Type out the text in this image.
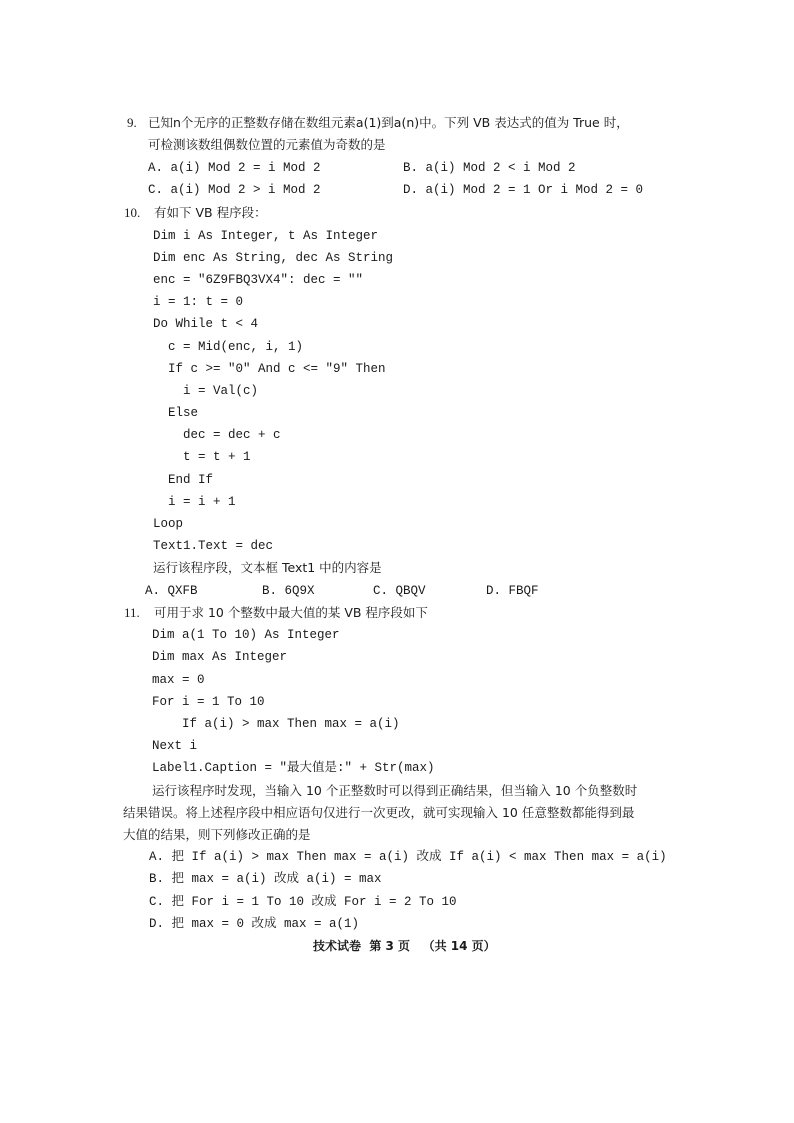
9. 已知n个无序的正整数存储在数组元素a(1)到a(n)中。下列 VB 表达式的值为 True 时，
可检测该数组偶数位置的元素值为奇数的是
A. a(i) Mod 2 = i Mod 2	B. a(i) Mod 2 < i Mod 2
C. a(i) Mod 2 > i Mod 2	D. a(i) Mod 2 = 1 Or i Mod 2 = 0
10. 有如下 VB 程序段：
Dim i As Integer, t As Integer
Dim enc As String, dec As String
enc = "6Z9FBQ3VX4": dec = ""
i = 1: t = 0
Do While t < 4
c = Mid(enc, i, 1)
If c >= "0" And c <= "9" Then
i = Val(c)
Else
dec = dec + c
t = t + 1
End If
i = i + 1
Loop
Text1.Text = dec
运行该程序段，文本框 Text1 中的内容是
A. QXFB	B. 6Q9X	C. QBQV	D. FBQF
11. 可用于求 10 个整数中最大值的某 VB 程序段如下
Dim a(1 To 10) As Integer
Dim max As Integer
max = 0
For i = 1 To 10
If a(i) > max Then max = a(i)
Next i
Label1.Caption = "最大值是:" + Str(max)
运行该程序时发现，当输入 10 个正整数时可以得到正确结果，但当输入 10 个负整数时
结果错误。将上述程序段中相应语句仅进行一次更改，就可实现输入 10 任意整数都能得到最
大值的结果，则下列修改正确的是
A. 把 If a(i) > max Then max = a(i) 改成 If a(i) < max Then max = a(i)
B. 把 max = a(i) 改成 a(i) = max
C. 把 For i = 1 To 10 改成 For i = 2 To 10
D. 把 max = 0 改成 max = a(1)
技术试卷  第 3 页   （共 14 页）
